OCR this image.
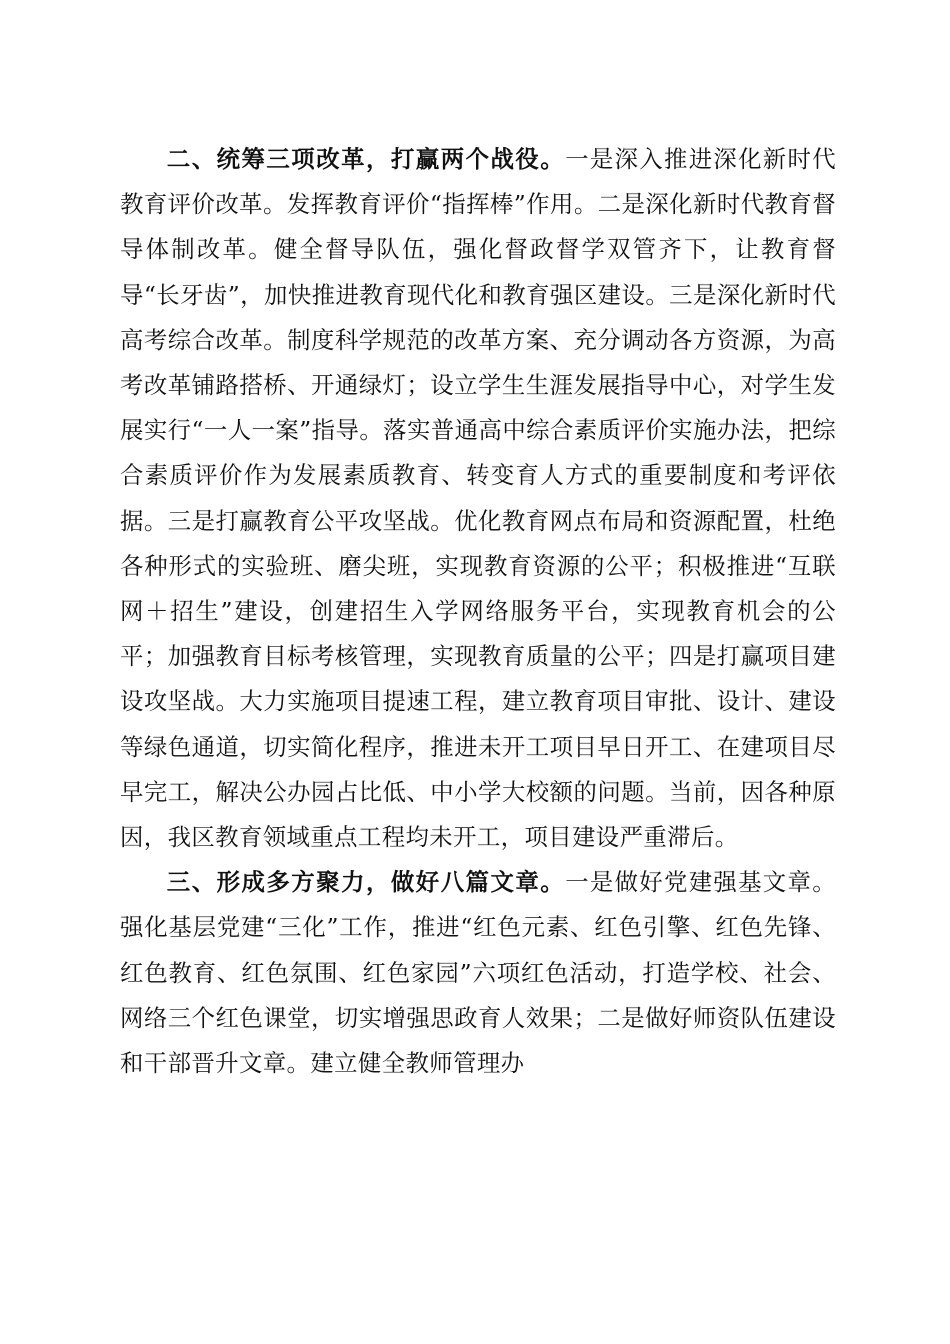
二、统筹三项改革，打赢两个战役。一是深入推进深化新时代教育评价改革。发挥教育评价“指挥棒”作用。二是深化新时代教育督导体制改革。健全督导队伍，强化督政督学双管齐下，让教育督导“长牙齿”，加快推进教育现代化和教育强区建设。三是深化新时代高考综合改革。制度科学规范的改革方案、充分调动各方资源，为高考改革铺路搭桥、开通绿灯；设立学生生涯发展指导中心，对学生发展实行“一人一案”指导。落实普通高中综合素质评价实施办法，把综合素质评价作为发展素质教育、转变育人方式的重要制度和考评依据。三是打赢教育公平攻坚战。优化教育网点布局和资源配置，杜绝各种形式的实验班、磨尖班，实现教育资源的公平；积极推进“互联网＋招生”建设，创建招生入学网络服务平台，实现教育机会的公平；加强教育目标考核管理，实现教育质量的公平；四是打赢项目建设攻坚战。大力实施项目提速工程，建立教育项目审批、设计、建设等绿色通道，切实简化程序，推进未开工项目早日开工、在建项目尽早完工，解决公办园占比低、中小学大校额的问题。当前，因各种原因，我区教育领域重点工程均未开工，项目建设严重滞后。

三、形成多方聚力，做好八篇文章。一是做好党建强基文章。强化基层党建“三化”工作，推进“红色元素、红色引擎、红色先锋、红色教育、红色氛围、红色家园”六项红色活动，打造学校、社会、网络三个红色课堂，切实增强思政育人效果；二是做好师资队伍建设和干部晋升文章。建立健全教师管理办
